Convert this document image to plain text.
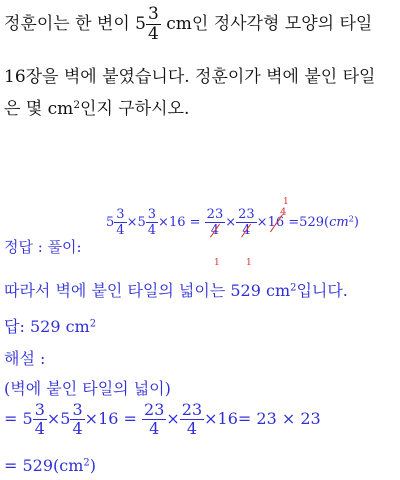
정훈이는 한 변이 $5 \frac{3}{4}$ cm인 정사각형 모양의 타일
16장을 벽에 붙였습니다. 정훈이가 벽에 붙인 타일
은 몇 $cm^2$인지 구하시오.
정답 : 풀이:
$5 \frac{3}{4} \times 5 \frac{3}{4} \times 16 = \frac{23}{4} \times \frac{23}{4} \times 16 =529(cm^2)$
1
4
1	1
따라서 벽에 붙인 타일의 넓이는 529 $cm^2$입니다.
답: 529 $cm^2$
해설 :
(벽에 붙인 타일의 넓이)
= $5 \frac{3}{4} \times 5 \frac{3}{4} \times 16 = \frac{23}{4} \times \frac{23}{4} \times 16= 23 \times 23$
= $529(cm^2)$
